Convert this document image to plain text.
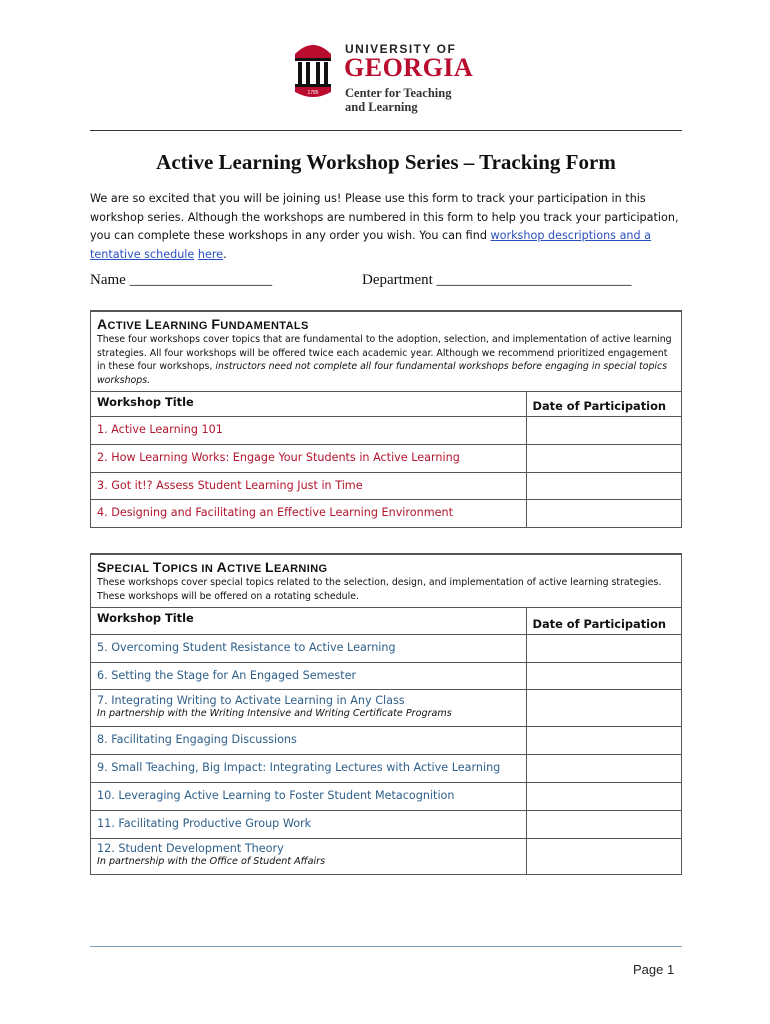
1785
UNIVERSITY OF
GEORGIA
Center for Teaching
and Learning
Active Learning Workshop Series – Tracking Form

We are so excited that you will be joining us! Please use this form to track your participation in this workshop series. Although the workshops are numbered in this form to help you track your participation, you can complete these workshops in any order you wish. You can find workshop descriptions and a tentative schedule here.

Name ___________________	Department __________________________
ACTIVE LEARNING FUNDAMENTALS
These four workshops cover topics that are fundamental to the adoption, selection, and implementation of active learning strategies. All four workshops will be offered twice each academic year. Although we recommend prioritized engagement in these four workshops, instructors need not complete all four fundamental workshops before engaging in special topics workshops.
Workshop Title	Date of Participation
1. Active Learning 101	
2. How Learning Works: Engage Your Students in Active Learning	
3. Got it!? Assess Student Learning Just in Time	
4. Designing and Facilitating an Effective Learning Environment	
SPECIAL TOPICS IN ACTIVE LEARNING
These workshops cover special topics related to the selection, design, and implementation of active learning strategies. These workshops will be offered on a rotating schedule.
Workshop Title	Date of Participation
5. Overcoming Student Resistance to Active Learning	
6. Setting the Stage for An Engaged Semester	
7. Integrating Writing to Activate Learning in Any Class
In partnership with the Writing Intensive and Writing Certificate Programs	

8. Facilitating Engaging Discussions	
9. Small Teaching, Big Impact: Integrating Lectures with Active Learning	
10. Leveraging Active Learning to Foster Student Metacognition	
11. Facilitating Productive Group Work	
12. Student Development Theory
In partnership with the Office of Student Affairs	

Page 1
